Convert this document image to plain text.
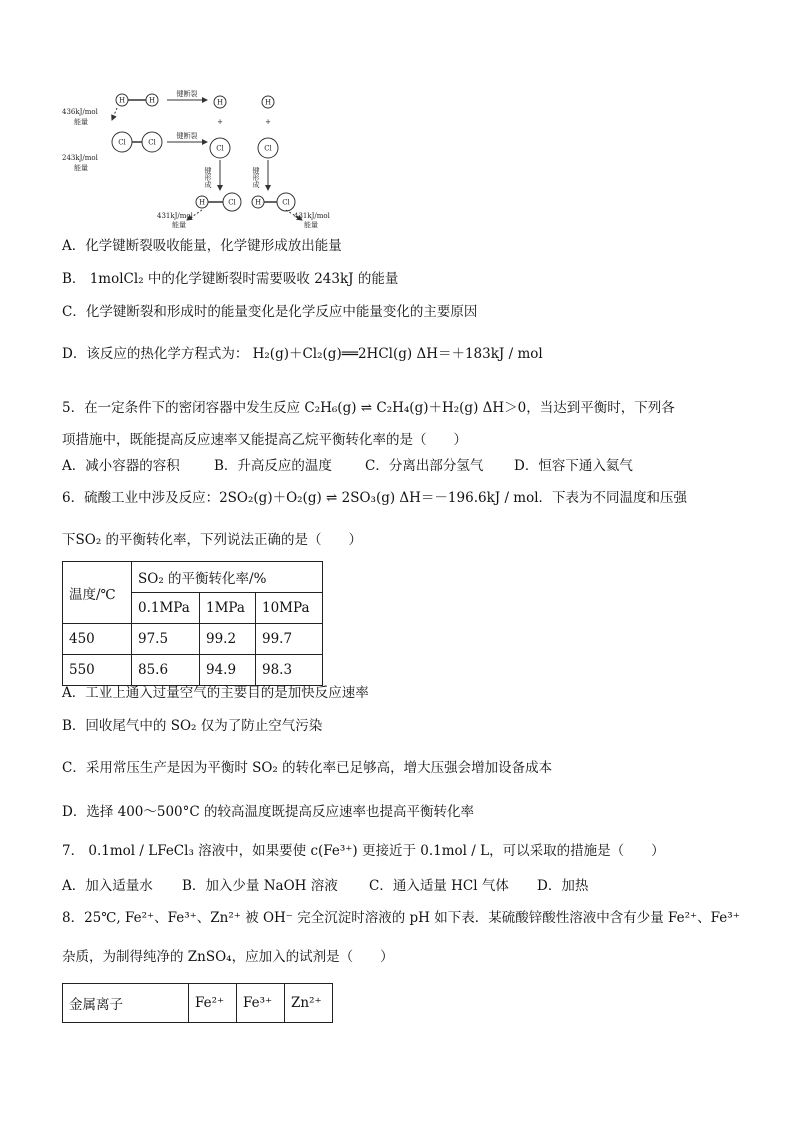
H	H
Cl	Cl
H	H
Cl	Cl
H	Cl	H	Cl
+	+
键断裂
键断裂
436kJ/mol
能量
243kJ/mol
能量
431kJ/mol
能量
431kJ/mol
能量
键形成	键形成
A．化学键断裂吸收能量，化学键形成放出能量
B． 1molCl₂ 中的化学键断裂时需要吸收 243kJ 的能量
C．化学键断裂和形成时的能量变化是化学反应中能量变化的主要原因
D．该反应的热化学方程式为： H₂(g)＋Cl₂(g)══2HCl(g) ΔH＝＋183kJ / mol
5．在一定条件下的密闭容器中发生反应 C₂H₆(g) ⇌ C₂H₄(g)＋H₂(g) ΔH＞0，当达到平衡时，下列各
项措施中，既能提高反应速率又能提高乙烷平衡转化率的是（　　）
A．减小容器的容积	B．升高反应的温度	C．分离出部分氢气	D．恒容下通入氦气
6．硫酸工业中涉及反应：2SO₂(g)＋O₂(g) ⇌ 2SO₃(g) ΔH＝－196.6kJ / mol．下表为不同温度和压强
下SO₂ 的平衡转化率，下列说法正确的是（　　）
温度/℃	SO₂ 的平衡转化率/%		
	0.1MPa	1MPa	10MPa
450	97.5	99.2	99.7
550	85.6	94.9	98.3
A．工业上通入过量空气的主要目的是加快反应速率
B．回收尾气中的 SO₂ 仅为了防止空气污染
C．采用常压生产是因为平衡时 SO₂ 的转化率已足够高，增大压强会增加设备成本
D．选择 400～500°C 的较高温度既提高反应速率也提高平衡转化率
7． 0.1mol / LFeCl₃ 溶液中，如果要使 c(Fe³⁺) 更接近于 0.1mol / L，可以采取的措施是（　　）
A．加入适量水	B．加入少量 NaOH 溶液	C．通入适量 HCl 气体	D．加热
8．25℃, Fe²⁺、Fe³⁺、Zn²⁺ 被 OH⁻ 完全沉淀时溶液的 pH 如下表．某硫酸锌酸性溶液中含有少量 Fe²⁺、Fe³⁺
杂质，为制得纯净的 ZnSO₄，应加入的试剂是（　　）
金属离子	Fe²⁺	Fe³⁺	Zn²⁺
